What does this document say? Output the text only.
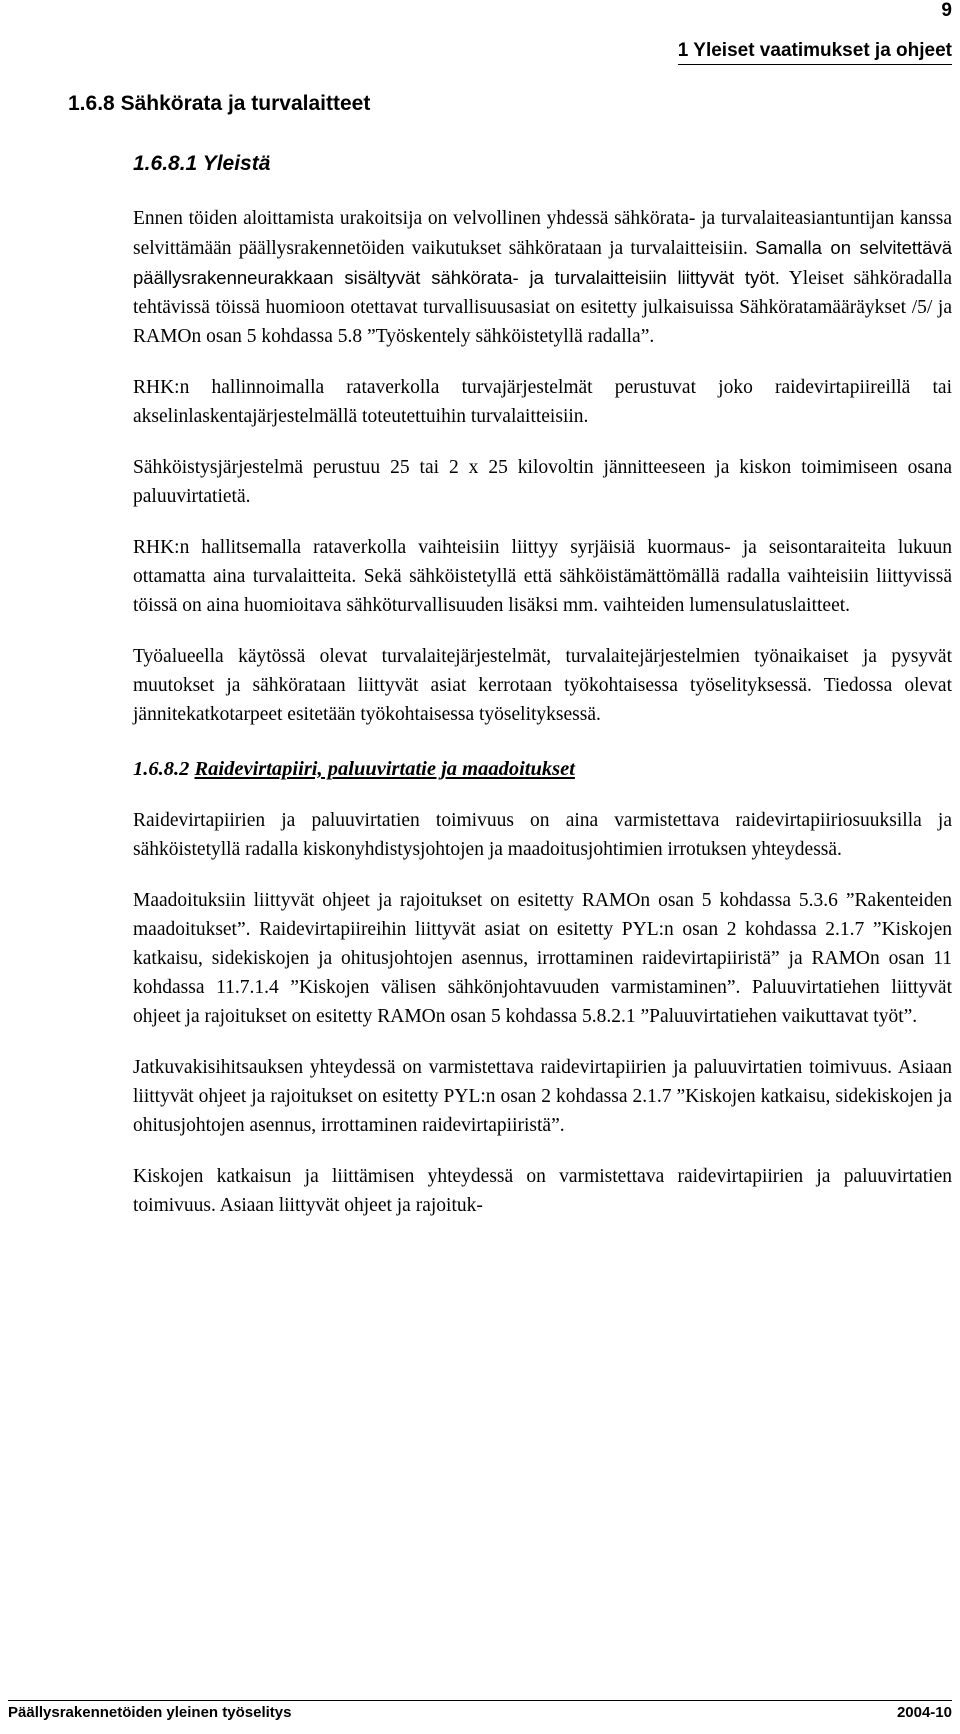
9
1 Yleiset vaatimukset ja ohjeet
1.6.8 Sähkörata ja turvalaitteet
1.6.8.1 Yleistä

Ennen töiden aloittamista urakoitsija on velvollinen yhdessä sähkörata- ja turvalaiteasiantuntijan kanssa selvittämään päällysrakennetöiden vaikutukset sähkörataan ja turvalaitteisiin. Samalla on selvitettävä päällysrakenneurakkaan sisältyvät sähkörata- ja turvalaitteisiin liittyvät työt. Yleiset sähköradalla tehtävissä töissä huomioon otettavat turvallisuusasiat on esitetty julkaisuissa Sähköratamääräykset /5/ ja RAMOn osan 5 kohdassa 5.8 ”Työskentely sähköistetyllä radalla”.

RHK:n hallinnoimalla rataverkolla turvajärjestelmät perustuvat joko raidevirtapiireillä tai akselinlaskentajärjestelmällä toteutettuihin turvalaitteisiin.

Sähköistysjärjestelmä perustuu 25 tai 2 x 25 kilovoltin jännitteeseen ja kiskon toimimiseen osana paluuvirtatietä.

RHK:n hallitsemalla rataverkolla vaihteisiin liittyy syrjäisiä kuormaus- ja seisontaraiteita lukuun ottamatta aina turvalaitteita. Sekä sähköistetyllä että sähköistämättömällä radalla vaihteisiin liittyvissä töissä on aina huomioitava sähköturvallisuuden lisäksi mm. vaihteiden lumensulatuslaitteet.

Työalueella käytössä olevat turvalaitejärjestelmät, turvalaitejärjestelmien työnaikaiset ja pysyvät muutokset ja sähkörataan liittyvät asiat kerrotaan työkohtaisessa työselityksessä. Tiedossa olevat jännitekatkotarpeet esitetään työkohtaisessa työselityksessä.

1.6.8.2 Raidevirtapiiri, paluuvirtatie ja maadoitukset

Raidevirtapiirien ja paluuvirtatien toimivuus on aina varmistettava raidevirtapiiriosuuksilla ja sähköistetyllä radalla kiskonyhdistysjohtojen ja maadoitusjohtimien irrotuksen yhteydessä.

Maadoituksiin liittyvät ohjeet ja rajoitukset on esitetty RAMOn osan 5 kohdassa 5.3.6 ”Rakenteiden maadoitukset”. Raidevirtapiireihin liittyvät asiat on esitetty PYL:n osan 2 kohdassa 2.1.7 ”Kiskojen katkaisu, sidekiskojen ja ohitusjohtojen asennus, irrottaminen raidevirtapiiristä” ja RAMOn osan 11 kohdassa 11.7.1.4 ”Kiskojen välisen sähkönjohtavuuden varmistaminen”. Paluuvirtatiehen liittyvät ohjeet ja rajoitukset on esitetty RAMOn osan 5 kohdassa 5.8.2.1 ”Paluuvirtatiehen vaikuttavat työt”.

Jatkuvakisihitsauksen yhteydessä on varmistettava raidevirtapiirien ja paluuvirtatien toimivuus. Asiaan liittyvät ohjeet ja rajoitukset on esitetty PYL:n osan 2 kohdassa 2.1.7 ”Kiskojen katkaisu, sidekiskojen ja ohitusjohtojen asennus, irrottaminen raidevirtapiiristä”.

Kiskojen katkaisun ja liittämisen yhteydessä on varmistettava raidevirtapiirien ja paluuvirtatien toimivuus. Asiaan liittyvät ohjeet ja rajoituk-

Päällysrakennetöiden yleinen työselitys	2004-10
